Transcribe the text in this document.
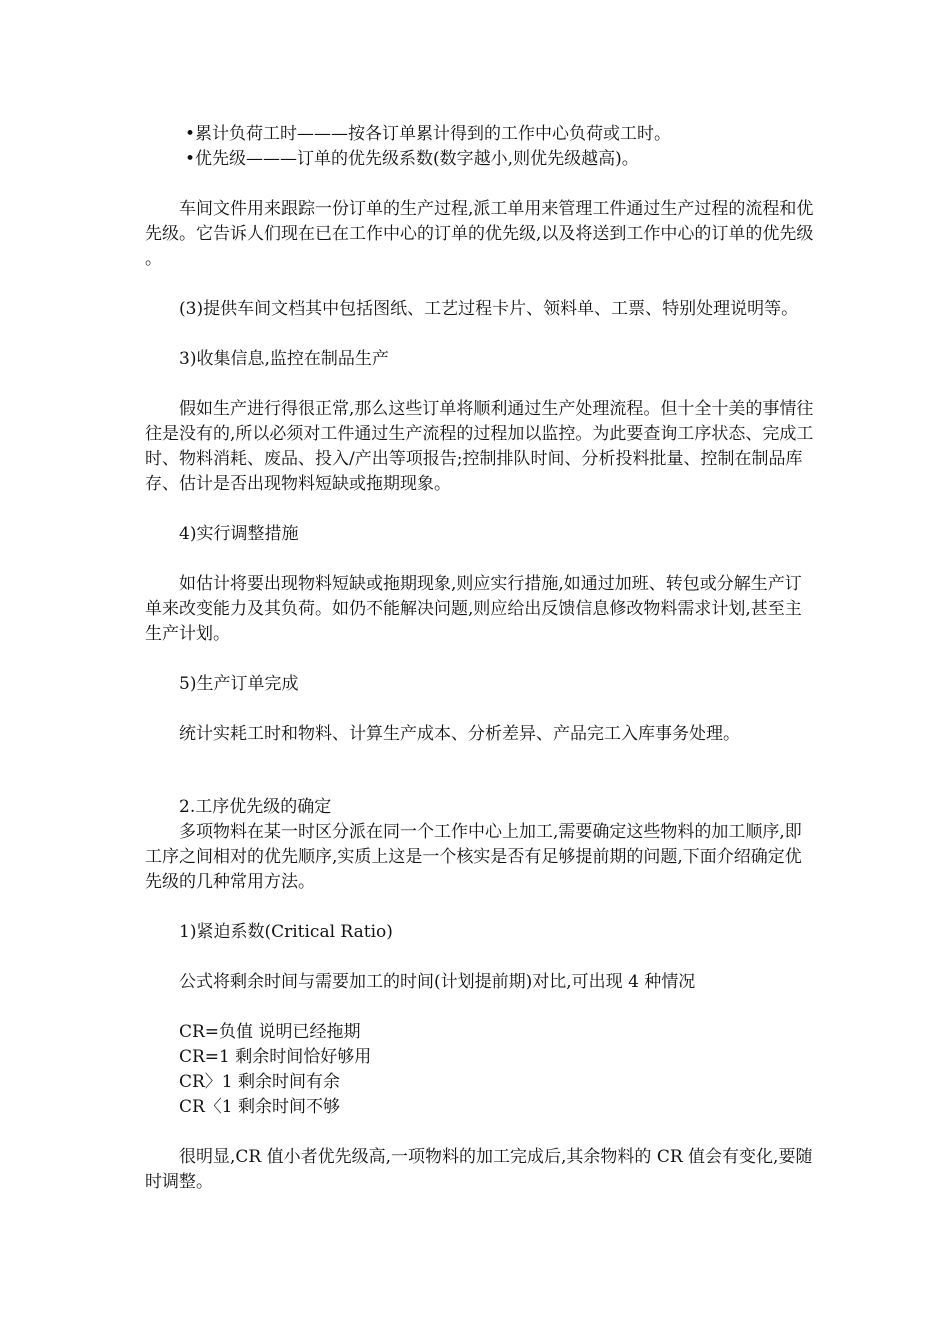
•累计负荷工时———按各订单累计得到的工作中心负荷或工时。

•优先级———订单的优先级系数(数字越小,则优先级越高)。

车间文件用来跟踪一份订单的生产过程,派工单用来管理工件通过生产过程的流程和优先级。它告诉人们现在已在工作中心的订单的优先级,以及将送到工作中心的订单的优先级 。

(3)提供车间文档其中包括图纸、工艺过程卡片、领料单、工票、特别处理说明等。

3)收集信息,监控在制品生产

假如生产进行得很正常,那么这些订单将顺利通过生产处理流程。但十全十美的事情往往是没有的,所以必须对工件通过生产流程的过程加以监控。为此要查询工序状态、完成工时、物料消耗、废品、投入/产出等项报告;控制排队时间、分析投料批量、控制在制品库 存、估计是否出现物料短缺或拖期现象。

4)实行调整措施

如估计将要出现物料短缺或拖期现象,则应实行措施,如通过加班、转包或分解生产订单来改变能力及其负荷。如仍不能解决问题,则应给出反馈信息修改物料需求计划,甚至主生产计划。

5)生产订单完成

统计实耗工时和物料、计算生产成本、分析差异、产品完工入库事务处理。

2.工序优先级的确定

多项物料在某一时区分派在同一个工作中心上加工,需要确定这些物料的加工顺序,即工序之间相对的优先顺序,实质上这是一个核实是否有足够提前期的问题,下面介绍确定优先级的几种常用方法。

1)紧迫系数(Critical Ratio)

公式将剩余时间与需要加工的时间(计划提前期)对比,可出现 4 种情况

CR=负值 说明已经拖期

CR=1 剩余时间恰好够用

CR〉1 剩余时间有余

CR〈1 剩余时间不够

很明显,CR 值小者优先级高,一项物料的加工完成后,其余物料的 CR 值会有变化,要随时调整。
